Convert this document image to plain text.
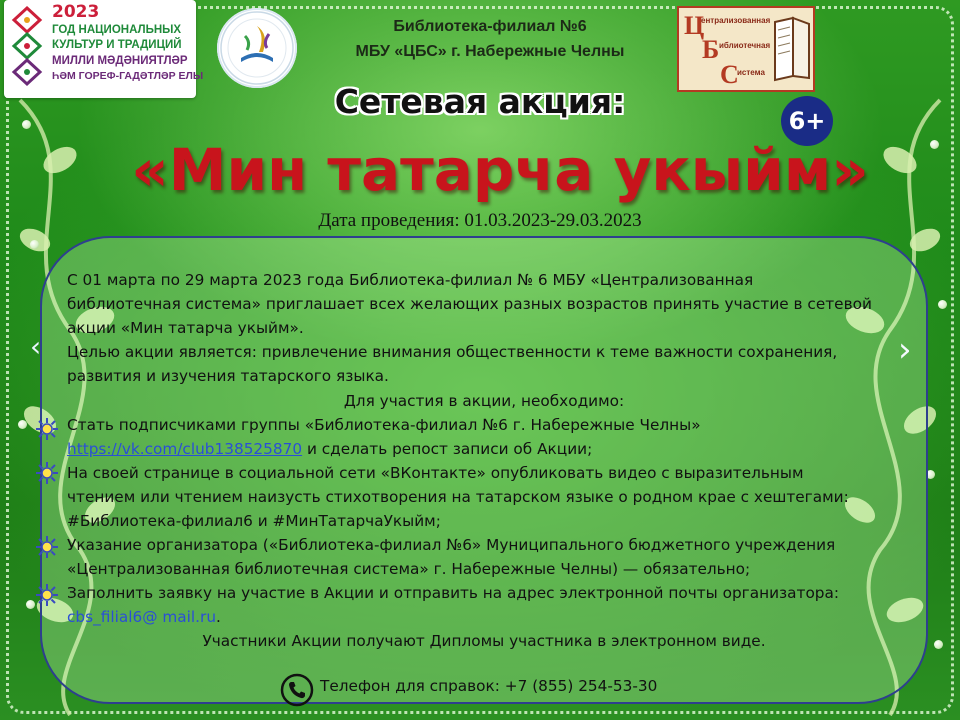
2023
ГОД НАЦИОНАЛЬНЫХ
КУЛЬТУР И ТРАДИЦИЙ
МИЛЛИ МӘДӘНИЯТЛӘР
ҺӘМ ГОРЕФ-ГАДӘТЛӘР ЕЛЫ
Библиотека-филиал №6
МБУ «ЦБС» г. Набережные Челны
Ц
Б
С
ентрализованная
иблиотечная
истема
Сетевая акция:	6+
«Мин татарча укыйм»
Дата проведения: 01.03.2023-29.03.2023
‹	›
С 01 марта по 29 марта 2023 года Библиотека-филиал № 6 МБУ «Централизованная
библиотечная система» приглашает всех желающих разных возрастов принять участие в сетевой
акции «Мин татарча укыйм».
Целью акции является: привлечение внимания общественности к теме важности сохранения,
развития и изучения татарского языка.
Для участия в акции, необходимо:
Стать подписчиками группы «Библиотека-филиал №6 г. Набережные Челны»
https://vk.com/club138525870 и сделать репост записи об Акции;
На своей странице в социальной сети «ВКонтакте» опубликовать видео с выразительным
чтением или чтением наизусть стихотворения на татарском языке о родном крае с хештегами:
#Библиотека-филиал6 и #МинТатарчаУкыйм;
Указание организатора («Библиотека-филиал №6» Муниципального бюджетного учреждения
«Централизованная библиотечная система» г. Набережные Челны) — обязательно;
Заполнить заявку на участие в Акции и отправить на адрес электронной почты организатора:
cbs_filial6@ mail.ru.
Участники Акции получают Дипломы участника в электронном виде.
Телефон для справок: +7 (855) 254-53-30
